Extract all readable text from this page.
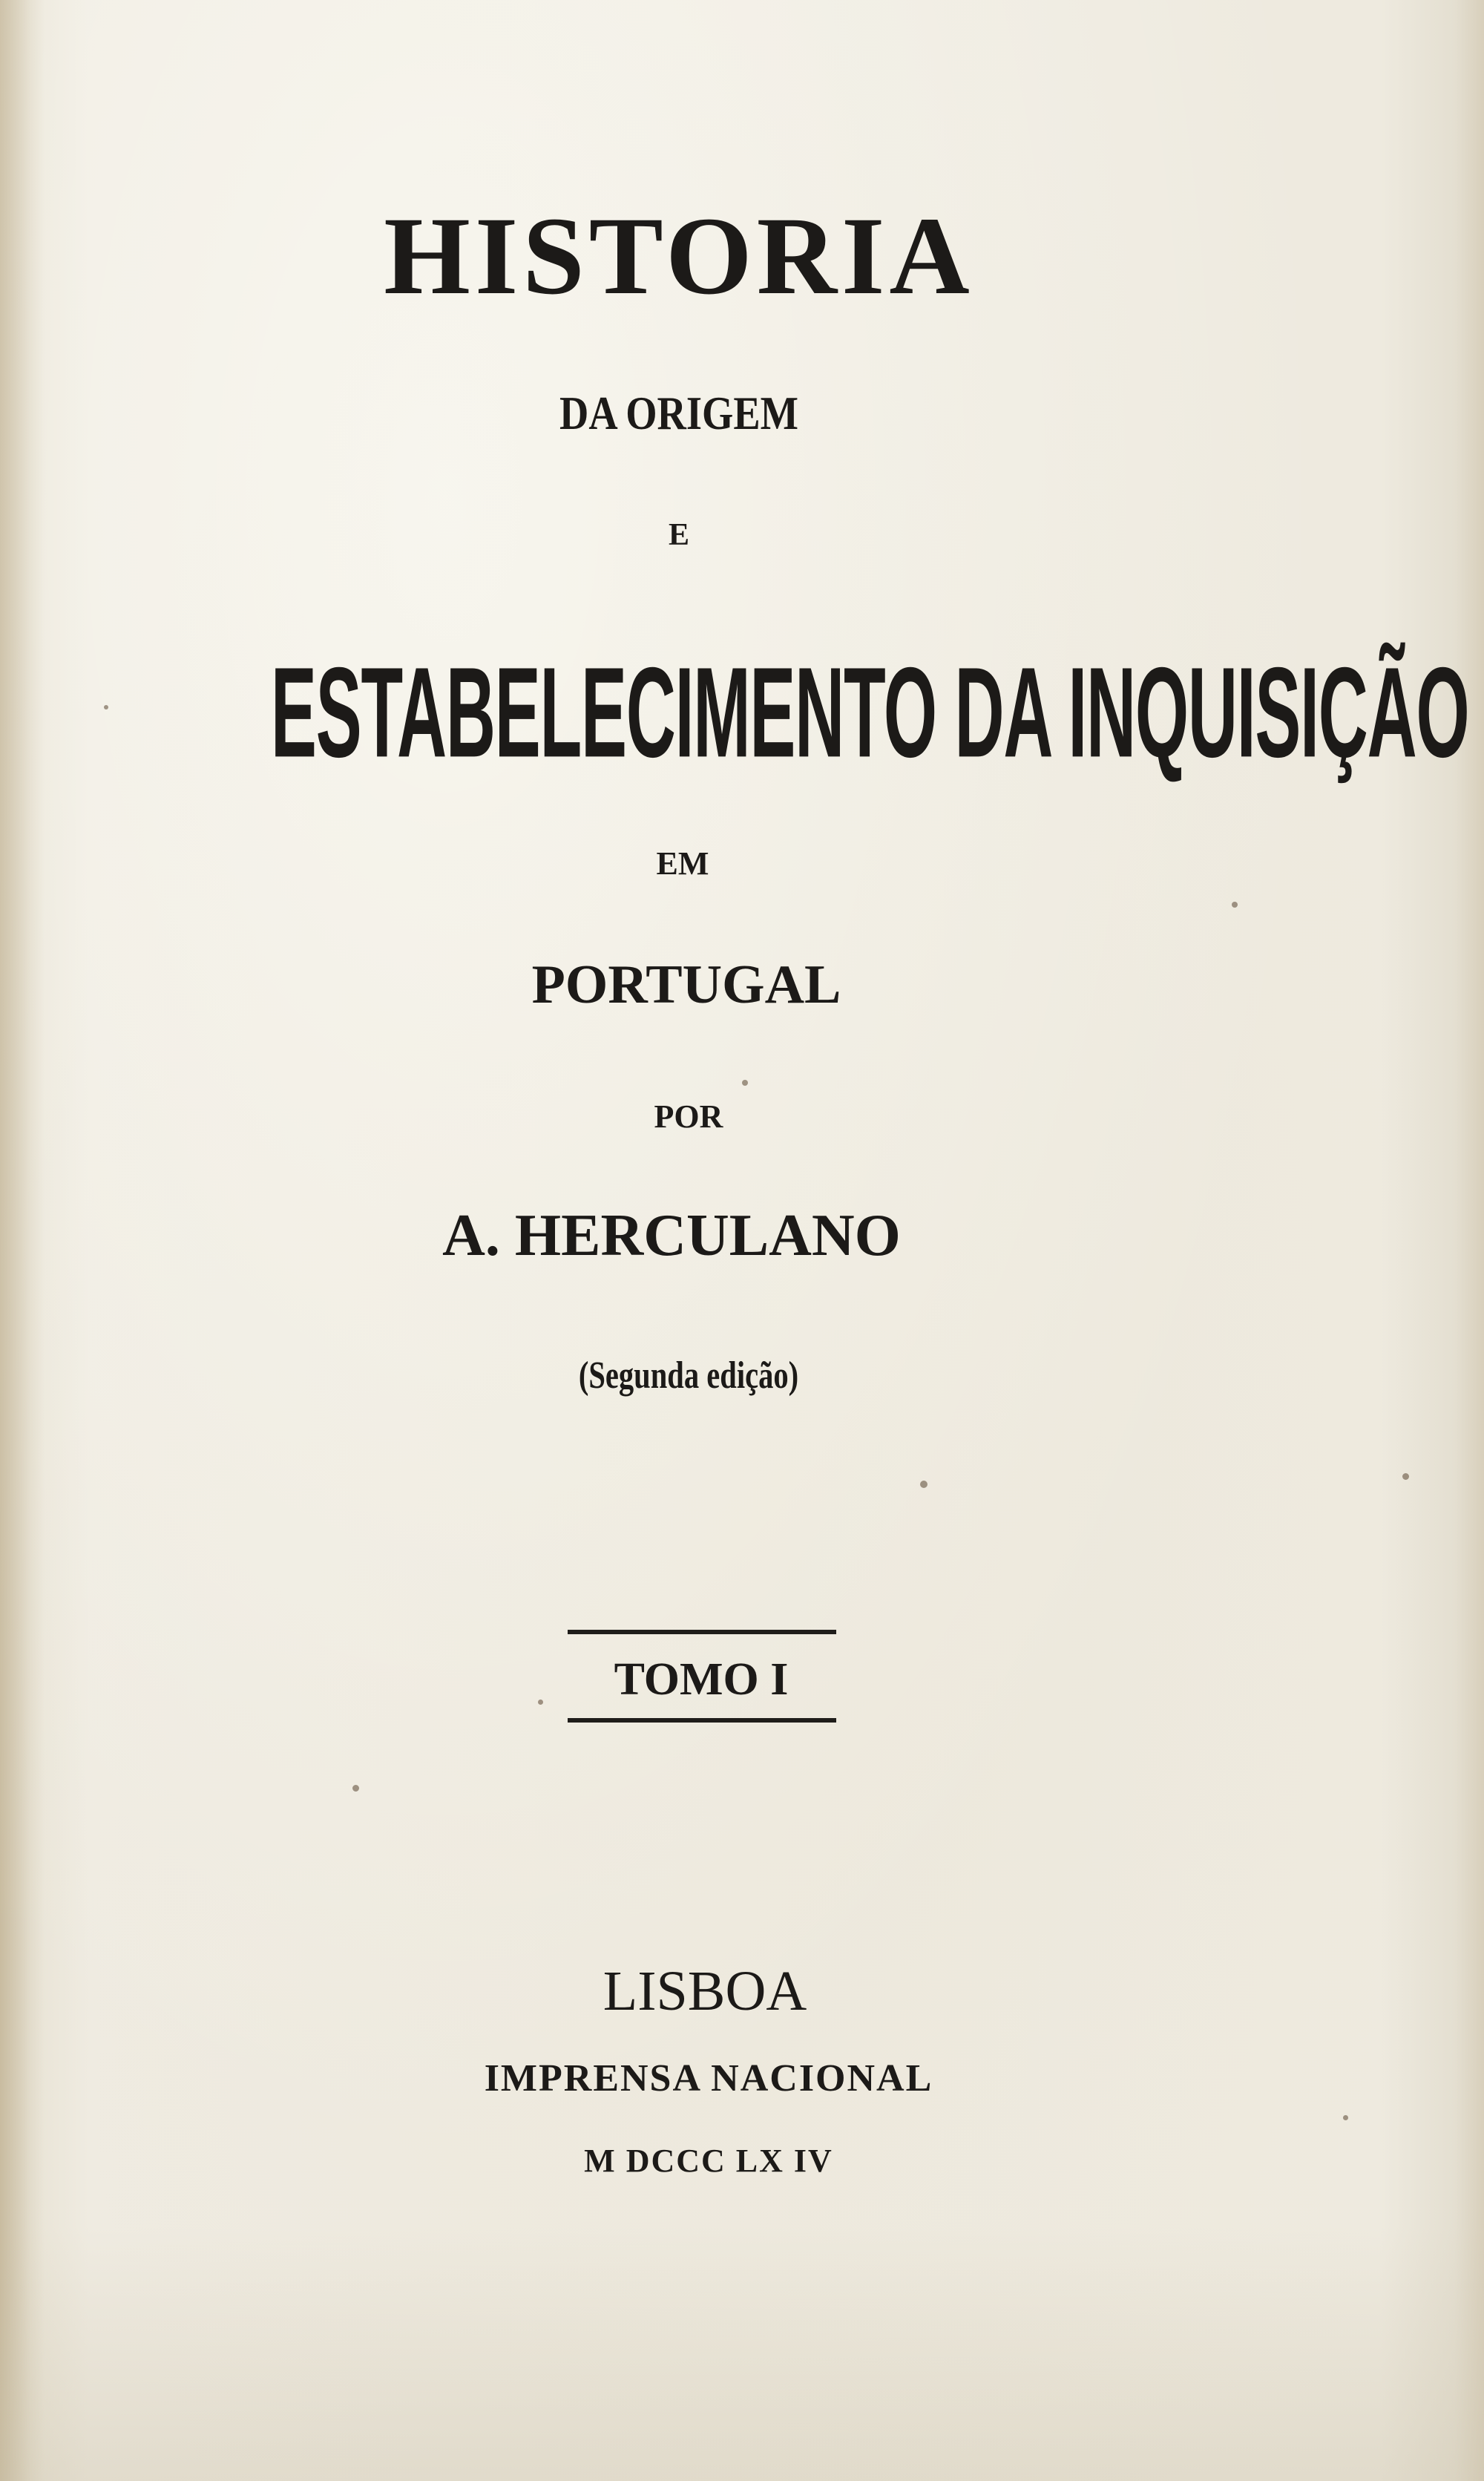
HISTORIA

DA ORIGEM

E

ESTABELECIMENTO DA INQUISIÇÃO

EM

PORTUGAL

POR

A. HERCULANO

(Segunda edição)

TOMO I

LISBOA

IMPRENSA NACIONAL

M DCCC LX IV
